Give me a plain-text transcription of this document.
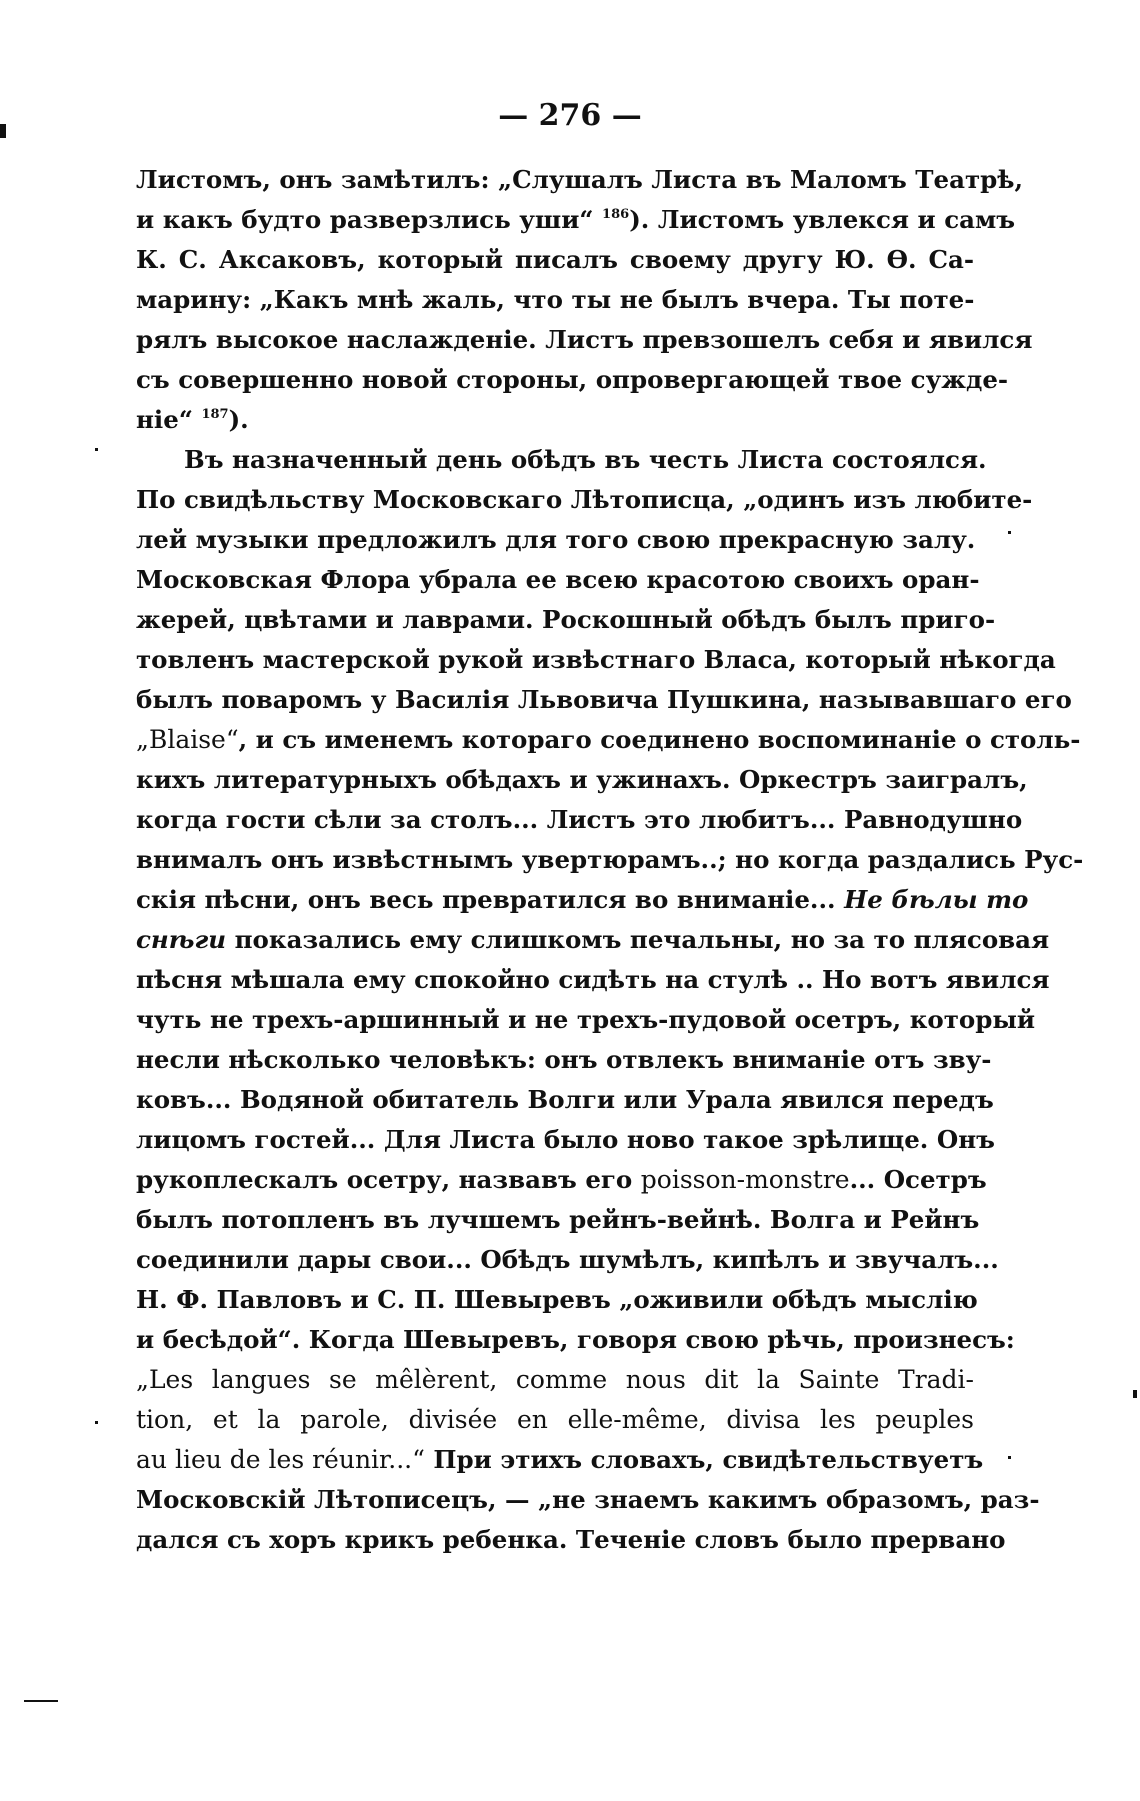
— 276 —
Листомъ, онъ замѣтилъ: „Слушалъ Листа въ Маломъ Театрѣ,
и какъ будто разверзлись уши“ $^{186}$). Листомъ увлекся и самъ
К. С. Аксаковъ, который писалъ своему другу Ю. Ѳ. Са-
марину: „Какъ мнѣ жаль, что ты не былъ вчера. Ты поте-
рялъ высокое наслажденіе. Листъ превзошелъ себя и явился
съ совершенно новой стороны, опровергающей твое сужде-
ніе“ $^{187}$).
Въ назначенный день обѣдъ въ честь Листа состоялся.
По свидѣльству Московскаго Лѣтописца, „одинъ изъ любите-
лей музыки предложилъ для того свою прекрасную залу.
Московская Флора убрала ее всею красотою своихъ оран-
жерей, цвѣтами и лаврами. Роскошный обѣдъ былъ приго-
товленъ мастерской рукой извѣстнаго Власа, который нѣкогда
былъ поваромъ у Василія Львовича Пушкина, называвшаго его
„Blaise“, и съ именемъ котораго соединено воспоминаніе о столь-
кихъ литературныхъ обѣдахъ и ужинахъ. Оркестръ заигралъ,
когда гости сѣли за столъ... Листъ это любитъ... Равнодушно
внималъ онъ извѣстнымъ увертюрамъ..; но когда раздались Рус-
скія пѣсни, онъ весь превратился во вниманіе... Не бѣлы то
снѣги показались ему слишкомъ печальны, но за то плясовая
пѣсня мѣшала ему спокойно сидѣть на стулѣ .. Но вотъ явился
чуть не трехъ-аршинный и не трехъ-пудовой осетръ, который
несли нѣсколько человѣкъ: онъ отвлекъ вниманіе отъ зву-
ковъ... Водяной обитатель Волги или Урала явился передъ
лицомъ гостей... Для Листа было ново такое зрѣлище. Онъ
рукоплескалъ осетру, назвавъ его poisson-monstre... Осетръ
былъ потопленъ въ лучшемъ рейнъ-вейнѣ. Волга и Рейнъ
соединили дары свои... Обѣдъ шумѣлъ, кипѣлъ и звучалъ...
Н. Ф. Павловъ и С. П. Шевыревъ „оживили обѣдъ мыслію
и бесѣдой“. Когда Шевыревъ, говоря свою рѣчь, произнесъ:
„Les langues se mêlèrent, comme nous dit la Sainte Tradi-
tion, et la parole, divisée en elle-même, divisa les peuples
au lieu de les réunir...“ При этихъ словахъ, свидѣтельствуетъ
Московскій Лѣтописецъ, — „не знаемъ какимъ образомъ, раз-
дался съ хоръ крикъ ребенка. Теченіе словъ было прервано
